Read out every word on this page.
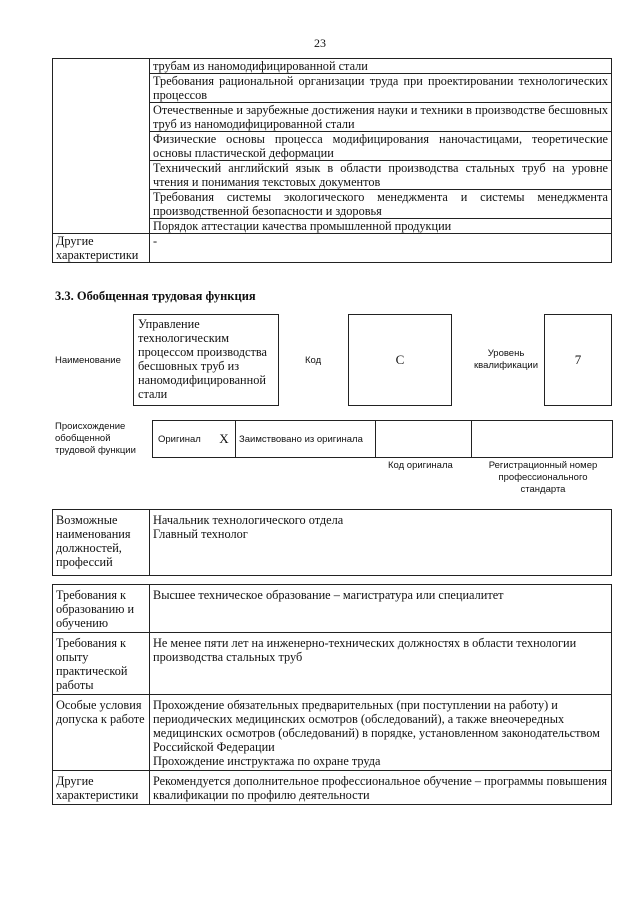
23
	трубам из наномодифицированной стали
	Требования рациональной организации труда при проектировании технологических процессов
	Отечественные и зарубежные достижения науки и техники в производстве бесшовных труб из наномодифицированной стали
	Физические основы процесса модифицирования наночастицами, теоретические основы пластической деформации
	Технический английский язык в области производства стальных труб на уровне чтения и понимания текстовых документов
	Требования системы экологического менеджмента и системы менеджмента производственной безопасности и здоровья
	Порядок аттестации качества промышленной продукции
Другие характеристики	-
3.3. Обобщенная трудовая функция
Наименование
Управление технологическим процессом производства бесшовных труб из наномодифицированной стали
Код	C	Уровень квалификации	7
Происхождение обобщенной трудовой функции
Оригинал	X	Заимствовано из оригинала
Код оригинала	Регистрационный номер профессионального стандарта
Возможные наименования должностей, профессий	
Начальник технологического отдела
Главный технолог
Требования к образованию и обучению	Высшее техническое образование – магистратура или специалитет
Требования к опыту практической работы	Не менее пяти лет на инженерно-технических должностях в области технологии производства стальных труб
Особые условия допуска к работе	Прохождение обязательных предварительных (при поступлении на работу) и периодических медицинских осмотров (обследований), а также внеочередных медицинских осмотров (обследований) в порядке, установленном законодательством Российской Федерации
Прохождение инструктажа по охране труда

Другие характеристики	Рекомендуется дополнительное профессиональное обучение – программы повышения квалификации по профилю деятельности
